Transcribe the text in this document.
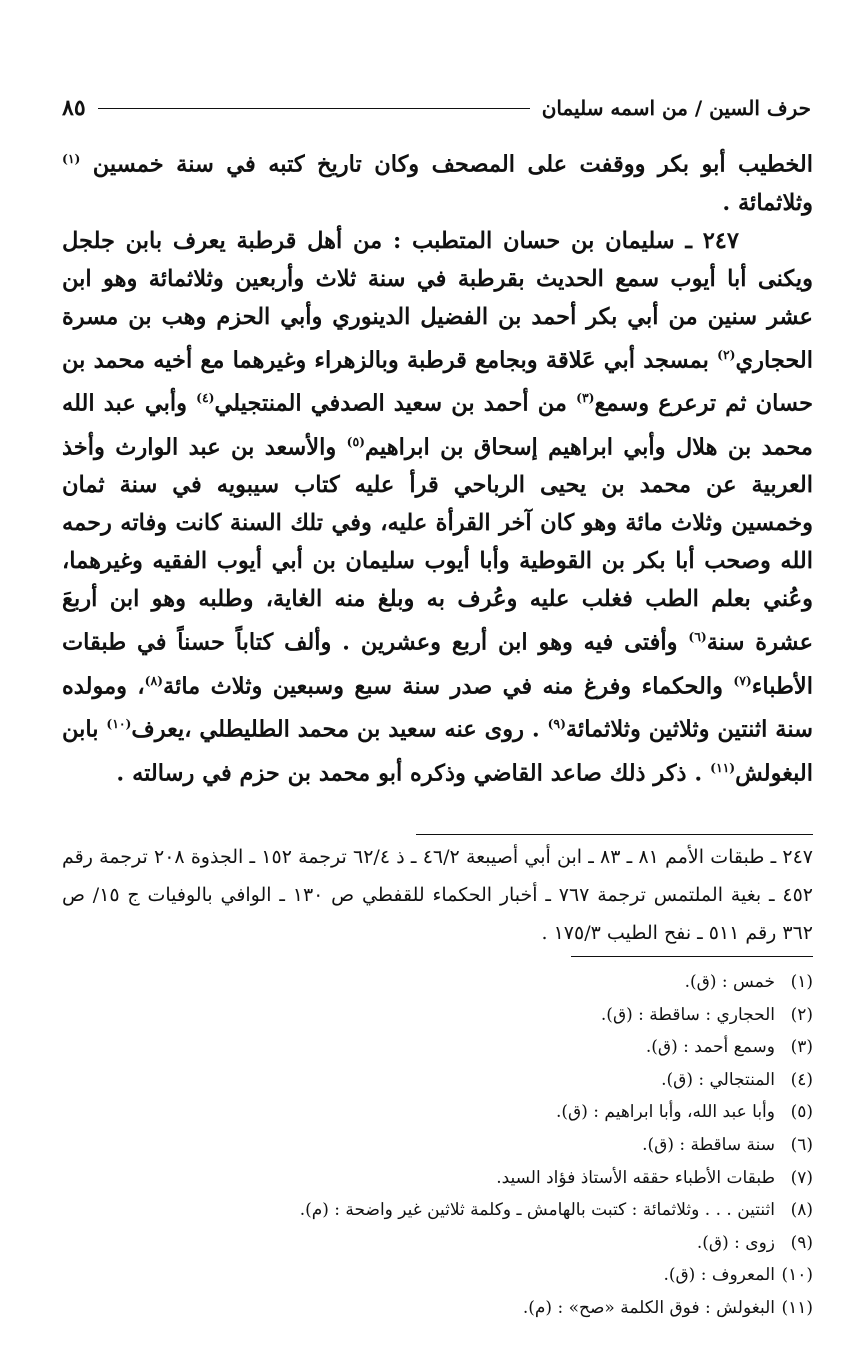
حرف السين / من اسمه سليمان
٨٥

الخطيب أبو بكر ووقفت على المصحف وكان تاريخ كتبه في سنة خمسين $^{(١)}$ وثلاثمائة .

٢٤٧ ـ سليمان بن حسان المتطبب : من أهل قرطبة يعرف بابن جلجل ويكنى أبا أيوب سمع الحديث بقرطبة في سنة ثلاث وأربعين وثلاثمائة وهو ابن عشر سنين من أبي بكر أحمد بن الفضيل الدينوري وأبي الحزم وهب بن مسرة الحجاري$^{(٢)}$ بمسجد أبي عَلاقة وبجامع قرطبة وبالزهراء وغيرهما مع أخيه محمد بن حسان ثم ترعرع وسمع$^{(٣)}$ من أحمد بن سعيد الصدفي المنتجيلي$^{(٤)}$ وأبي عبد الله محمد بن هلال وأبي ابراهيم إسحاق بن ابراهيم$^{(٥)}$ والأسعد بن عبد الوارث وأخذ العربية عن محمد بن يحيى الرباحي قرأ عليه كتاب سيبويه في سنة ثمان وخمسين وثلاث مائة وهو كان آخر القرأة عليه، وفي تلك السنة كانت وفاته رحمه الله وصحب أبا بكر بن القوطية وأبا أيوب سليمان بن أبي أيوب الفقيه وغيرهما، وعُني بعلم الطب فغلب عليه وعُرف به وبلغ منه الغاية، وطلبه وهو ابن أربعَ عشرة سنة$^{(٦)}$ وأفتى فيه وهو ابن أربع وعشرين . وألف كتاباً حسناً في طبقات الأطباء$^{(٧)}$ والحكماء وفرغ منه في صدر سنة سبع وسبعين وثلاث مائة$^{(٨)}$، ومولده سنة اثنتين وثلاثين وثلاثمائة$^{(٩)}$ . روى عنه سعيد بن محمد الطليطلي ،يعرف$^{(١٠)}$ بابن البغولش$^{(١١)}$ . ذكر ذلك صاعد القاضي وذكره أبو محمد بن حزم في رسالته .

٢٤٧ ـ طبقات الأمم ٨١ ـ ٨٣ ـ ابن أبي أصيبعة ٤٦/٢ ـ ذ ٦٢/٤ ترجمة ١٥٢ ـ الجذوة ٢٠٨ ترجمة رقم ٤٥٢ ـ بغية الملتمس ترجمة ٧٦٧ ـ أخبار الحكماء للقفطي ص ١٣٠ ـ الوافي بالوفيات ج ١٥/ ص ٣٦٢ رقم ٥١١ ـ نفح الطيب ١٧٥/٣ .
(١)خمس : (ق).
(٢)الحجاري : ساقطة : (ق).
(٣)وسمع أحمد : (ق).
(٤)المنتجالي : (ق).
(٥)وأبا عبد الله، وأبا ابراهيم : (ق).
(٦)سنة ساقطة : (ق).
(٧)طبقات الأطباء حققه الأستاذ فؤاد السيد.
(٨)اثنتين . . . وثلاثمائة : كتبت بالهامش ـ وكلمة ثلاثين غير واضحة : (م).
(٩)زوى : (ق).
(١٠)المعروف : (ق).
(١١)البغولش : فوق الكلمة «صح» : (م).
